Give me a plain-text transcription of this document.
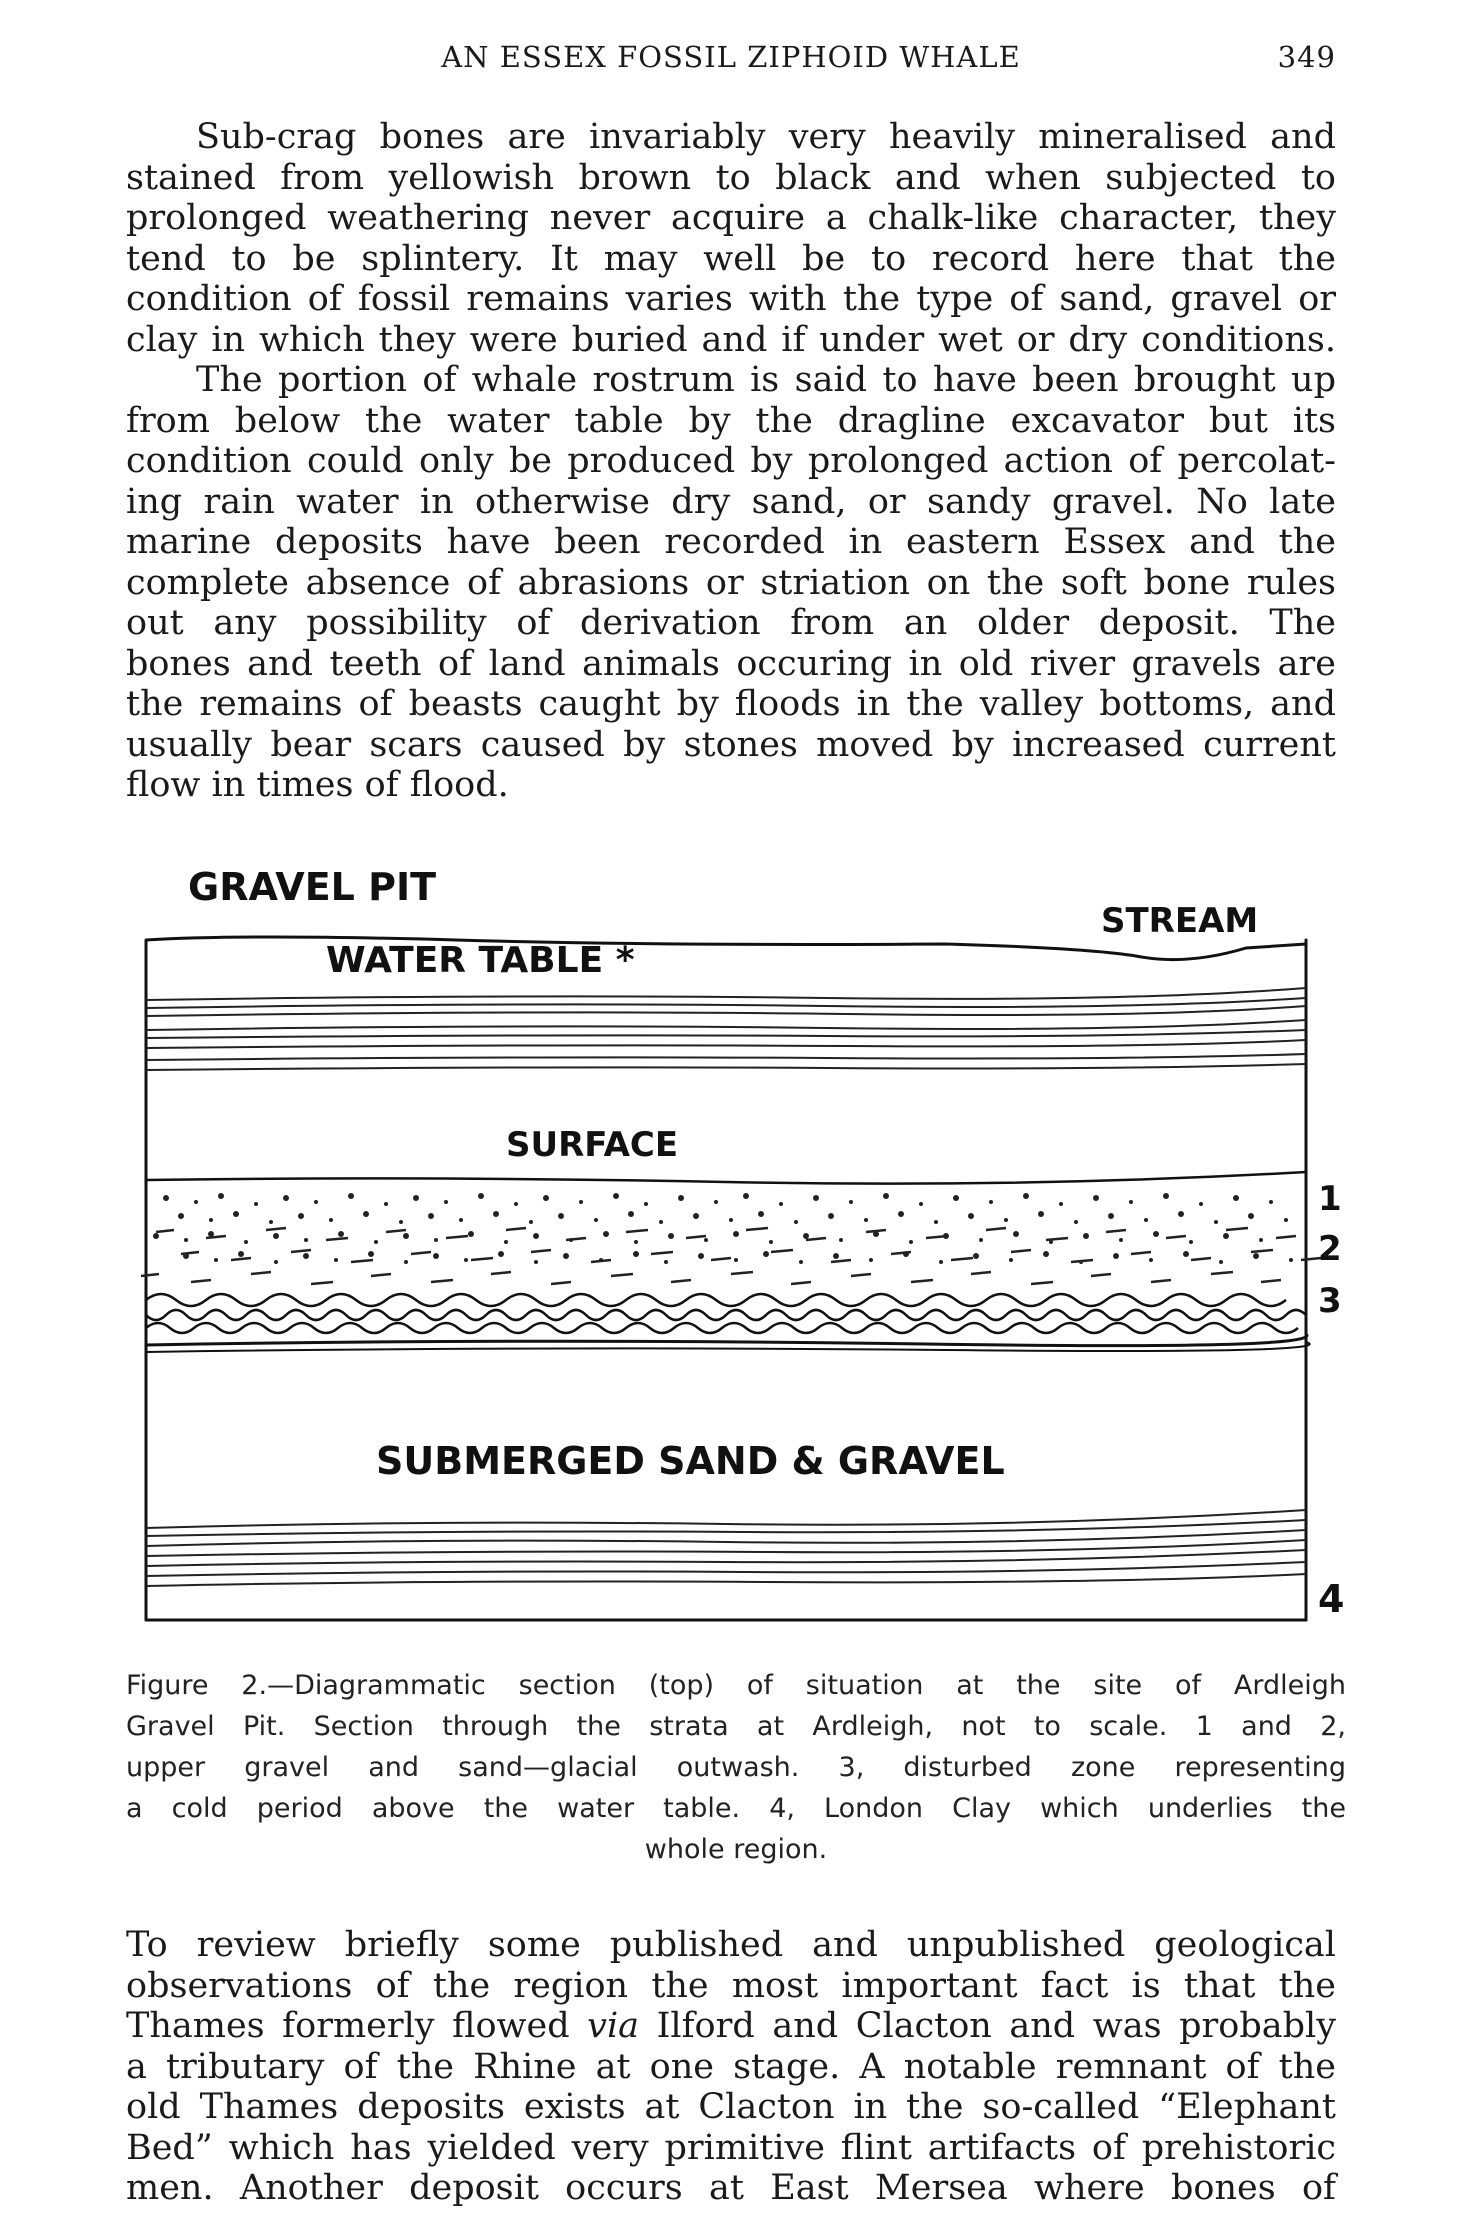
AN ESSEX FOSSIL ZIPHOID WHALE	349
Sub-crag bones are invariably very heavily mineralised and
stained from yellowish brown to black and when subjected to
prolonged weathering never acquire a chalk-like character, they
tend to be splintery. It may well be to record here that the
condition of fossil remains varies with the type of sand, gravel or
clay in which they were buried and if under wet or dry conditions.
The portion of whale rostrum is said to have been brought up
from below the water table by the dragline excavator but its
condition could only be produced by prolonged action of percolat-
ing rain water in otherwise dry sand, or sandy gravel. No late
marine deposits have been recorded in eastern Essex and the
complete absence of abrasions or striation on the soft bone rules
out any possibility of derivation from an older deposit. The
bones and teeth of land animals occuring in old river gravels are
the remains of beasts caught by floods in the valley bottoms, and
usually bear scars caused by stones moved by increased current
flow in times of flood.
GRAVEL PIT
STREAM
WATER TABLE *
SURFACE
SUBMERGED SAND & GRAVEL
1
2
3
4
Figure 2.—Diagrammatic section (top) of situation at the site of Ardleigh
Gravel Pit. Section through the strata at Ardleigh, not to scale. 1 and 2,
upper gravel and sand—glacial outwash. 3, disturbed zone representing
a cold period above the water table. 4, London Clay which underlies the
whole region.
To review briefly some published and unpublished geological
observations of the region the most important fact is that the
Thames formerly flowed via Ilford and Clacton and was probably
a tributary of the Rhine at one stage. A notable remnant of the
old Thames deposits exists at Clacton in the so-called “Elephant
Bed” which has yielded very primitive flint artifacts of prehistoric
men. Another deposit occurs at East Mersea where bones of
